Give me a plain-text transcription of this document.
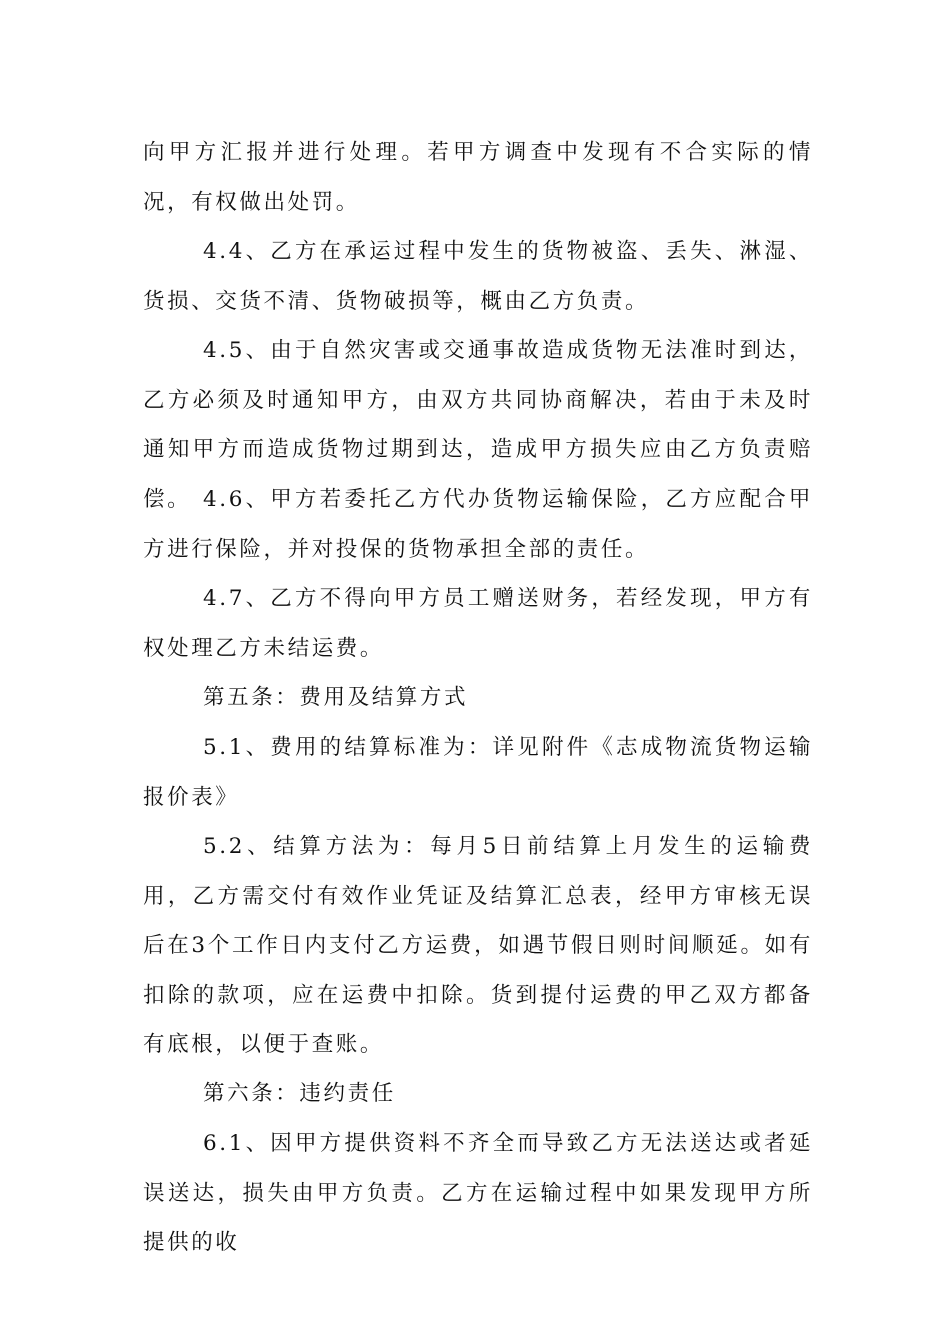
向甲方汇报并进行处理。若甲方调查中发现有不合实际的情况，有权做出处罚。

4.4、乙方在承运过程中发生的货物被盗、丢失、淋湿、货损、交货不清、货物破损等，概由乙方负责。

4.5、由于自然灾害或交通事故造成货物无法准时到达，乙方必须及时通知甲方，由双方共同协商解决，若由于未及时通知甲方而造成货物过期到达，造成甲方损失应由乙方负责赔偿。 4.6、甲方若委托乙方代办货物运输保险，乙方应配合甲方进行保险，并对投保的货物承担全部的责任。

4.7、乙方不得向甲方员工赠送财务，若经发现，甲方有权处理乙方未结运费。

第五条：费用及结算方式

5.1、费用的结算标准为：详见附件《志成物流货物运输报价表》

5.2、结算方法为：每月5日前结算上月发生的运输费用，乙方需交付有效作业凭证及结算汇总表，经甲方审核无误后在3个工作日内支付乙方运费，如遇节假日则时间顺延。如有扣除的款项，应在运费中扣除。货到提付运费的甲乙双方都备有底根，以便于查账。

第六条：违约责任

6.1、因甲方提供资料不齐全而导致乙方无法送达或者延误送达，损失由甲方负责。乙方在运输过程中如果发现甲方所提供的收
